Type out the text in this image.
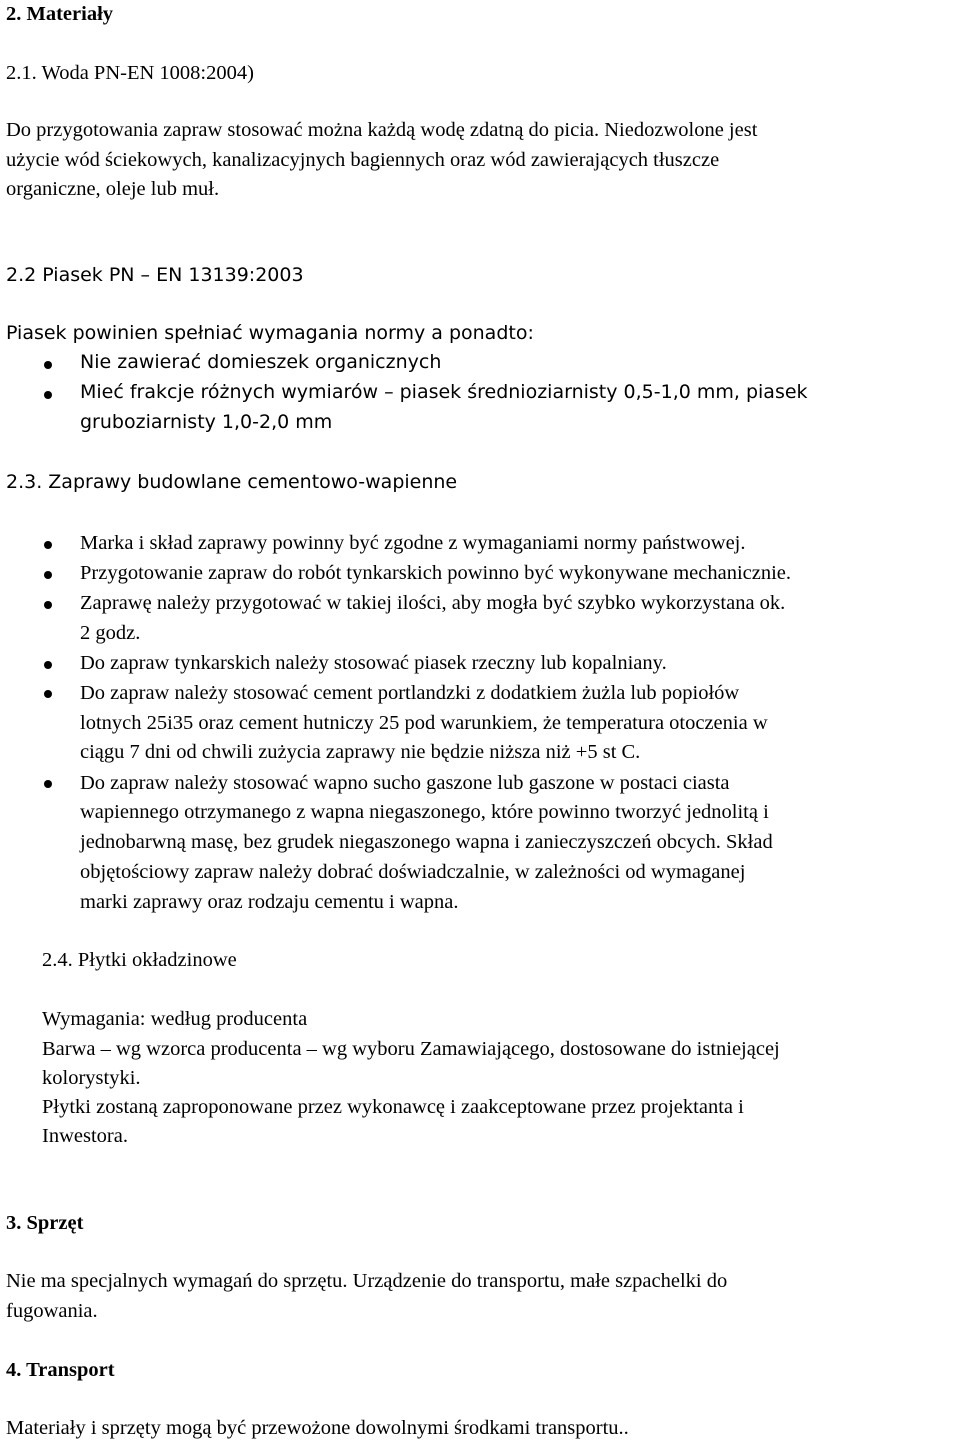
2. Materiały
2.1. Woda PN-EN 1008:2004)
Do przygotowania zapraw stosować można każdą wodę zdatną do picia. Niedozwolone jest
użycie wód ściekowych, kanalizacyjnych bagiennych oraz wód zawierających tłuszcze
organiczne, oleje lub muł.
2.2 Piasek PN – EN 13139:2003
Piasek powinien spełniać wymagania normy a ponadto:
Nie zawierać domieszek organicznych
Mieć frakcje różnych wymiarów – piasek średnioziarnisty 0,5-1,0 mm, piasek
gruboziarnisty 1,0-2,0 mm
2.3. Zaprawy budowlane cementowo-wapienne
Marka i skład zaprawy powinny być zgodne z wymaganiami normy państwowej.
Przygotowanie zapraw do robót tynkarskich powinno być wykonywane mechanicznie.
Zaprawę należy przygotować w takiej ilości, aby mogła być szybko wykorzystana ok.
2 godz.
Do zapraw tynkarskich należy stosować piasek rzeczny lub kopalniany.
Do zapraw należy stosować cement portlandzki z dodatkiem żużla lub popiołów
lotnych 25i35 oraz cement hutniczy 25 pod warunkiem, że temperatura otoczenia w
ciągu 7 dni od chwili zużycia zaprawy nie będzie niższa niż +5 st C.
Do zapraw należy stosować wapno sucho gaszone lub gaszone w postaci ciasta
wapiennego otrzymanego z wapna niegaszonego, które powinno tworzyć jednolitą i
jednobarwną masę, bez grudek niegaszonego wapna i zanieczyszczeń obcych. Skład
objętościowy zapraw należy dobrać doświadczalnie, w zależności od wymaganej
marki zaprawy oraz rodzaju cementu i wapna.
2.4. Płytki okładzinowe
Wymagania: według producenta
Barwa – wg wzorca producenta – wg wyboru Zamawiającego, dostosowane do istniejącej
kolorystyki.
Płytki zostaną zaproponowane przez wykonawcę i zaakceptowane przez projektanta i
Inwestora.
3. Sprzęt
Nie ma specjalnych wymagań do sprzętu. Urządzenie do transportu, małe szpachelki do
fugowania.
4. Transport
Materiały i sprzęty mogą być przewożone dowolnymi środkami transportu..
